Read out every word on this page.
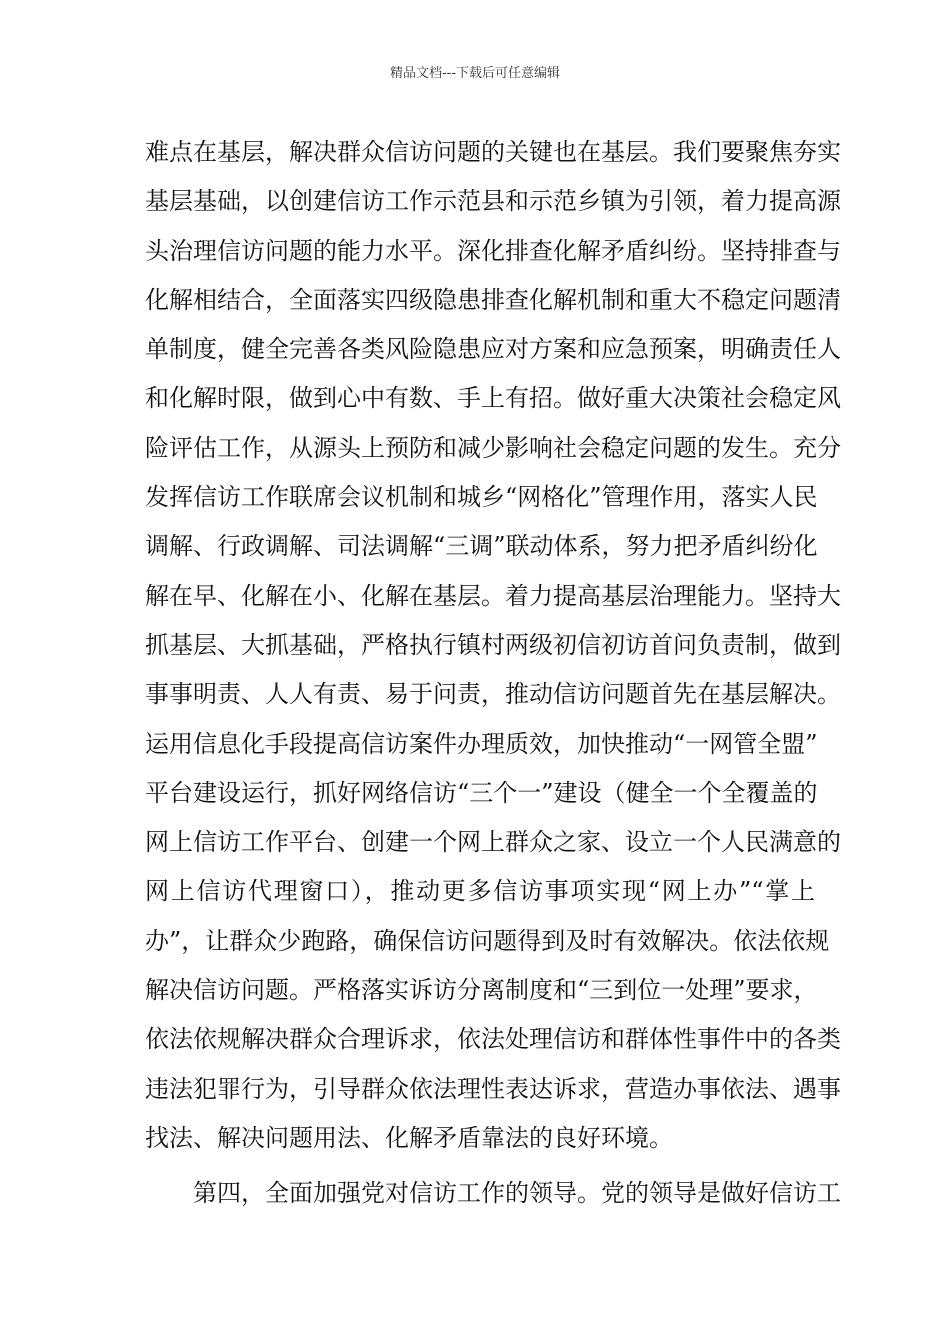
精品文档---下载后可任意编辑
难点在基层，解决群众信访问题的关键也在基层。我们要聚焦夯实
基层基础，以创建信访工作示范县和示范乡镇为引领，着力提高源
头治理信访问题的能力水平。深化排查化解矛盾纠纷。坚持排查与
化解相结合，全面落实四级隐患排查化解机制和重大不稳定问题清
单制度，健全完善各类风险隐患应对方案和应急预案，明确责任人
和化解时限，做到心中有数、手上有招。做好重大决策社会稳定风
险评估工作，从源头上预防和减少影响社会稳定问题的发生。充分
发挥信访工作联席会议机制和城乡“网格化”管理作用，落实人民
调解、行政调解、司法调解“三调”联动体系，努力把矛盾纠纷化
解在早、化解在小、化解在基层。着力提高基层治理能力。坚持大
抓基层、大抓基础，严格执行镇村两级初信初访首问负责制，做到
事事明责、人人有责、易于问责，推动信访问题首先在基层解决。
运用信息化手段提高信访案件办理质效，加快推动“一网管全盟”
平台建设运行，抓好网络信访“三个一”建设（健全一个全覆盖的
网上信访工作平台、创建一个网上群众之家、设立一个人民满意的
网上信访代理窗口），推动更多信访事项实现“网上办”“掌上
办”，让群众少跑路，确保信访问题得到及时有效解决。依法依规
解决信访问题。严格落实诉访分离制度和“三到位一处理”要求，
依法依规解决群众合理诉求，依法处理信访和群体性事件中的各类
违法犯罪行为，引导群众依法理性表达诉求，营造办事依法、遇事
找法、解决问题用法、化解矛盾靠法的良好环境。
　　第四，全面加强党对信访工作的领导。党的领导是做好信访工
